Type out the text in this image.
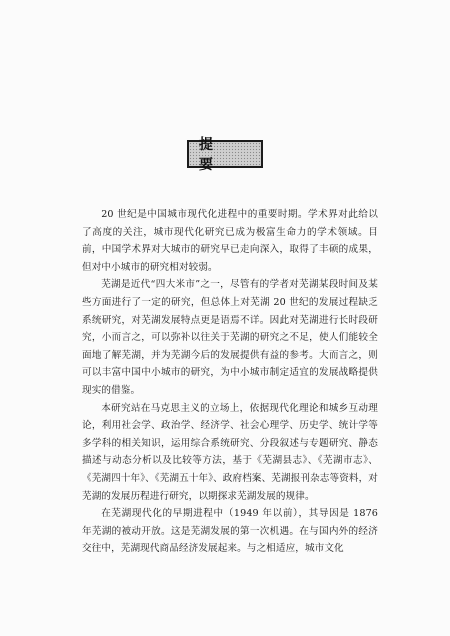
提 要

20 世纪是中国城市现代化进程中的重要时期。学术界对此给以了高度的关注，城市现代化研究已成为极富生命力的学术领域。目前，中国学术界对大城市的研究早已走向深入，取得了丰硕的成果，但对中小城市的研究相对较弱。

芜湖是近代“四大米市”之一，尽管有的学者对芜湖某段时间及某些方面进行了一定的研究，但总体上对芜湖 20 世纪的发展过程缺乏系统研究，对芜湖发展特点更是语焉不详。因此对芜湖进行长时段研究，小而言之，可以弥补以往关于芜湖的研究之不足，使人们能较全面地了解芜湖，并为芜湖今后的发展提供有益的参考。大而言之，则可以丰富中国中小城市的研究，为中小城市制定适宜的发展战略提供现实的借鉴。

本研究站在马克思主义的立场上，依据现代化理论和城乡互动理论，利用社会学、政治学、经济学、社会心理学、历史学、统计学等多学科的相关知识，运用综合系统研究、分段叙述与专题研究、静态描述与动态分析以及比较等方法，基于《芜湖县志》、《芜湖市志》、《芜湖四十年》、《芜湖五十年》、政府档案、芜湖报刊杂志等资料，对芜湖的发展历程进行研究，以期探求芜湖发展的规律。

在芜湖现代化的早期进程中（1949 年以前），其导因是 1876 年芜湖的被动开放。这是芜湖发展的第一次机遇。在与国内外的经济交往中，芜湖现代商品经济发展起来。与之相适应，城市文化
